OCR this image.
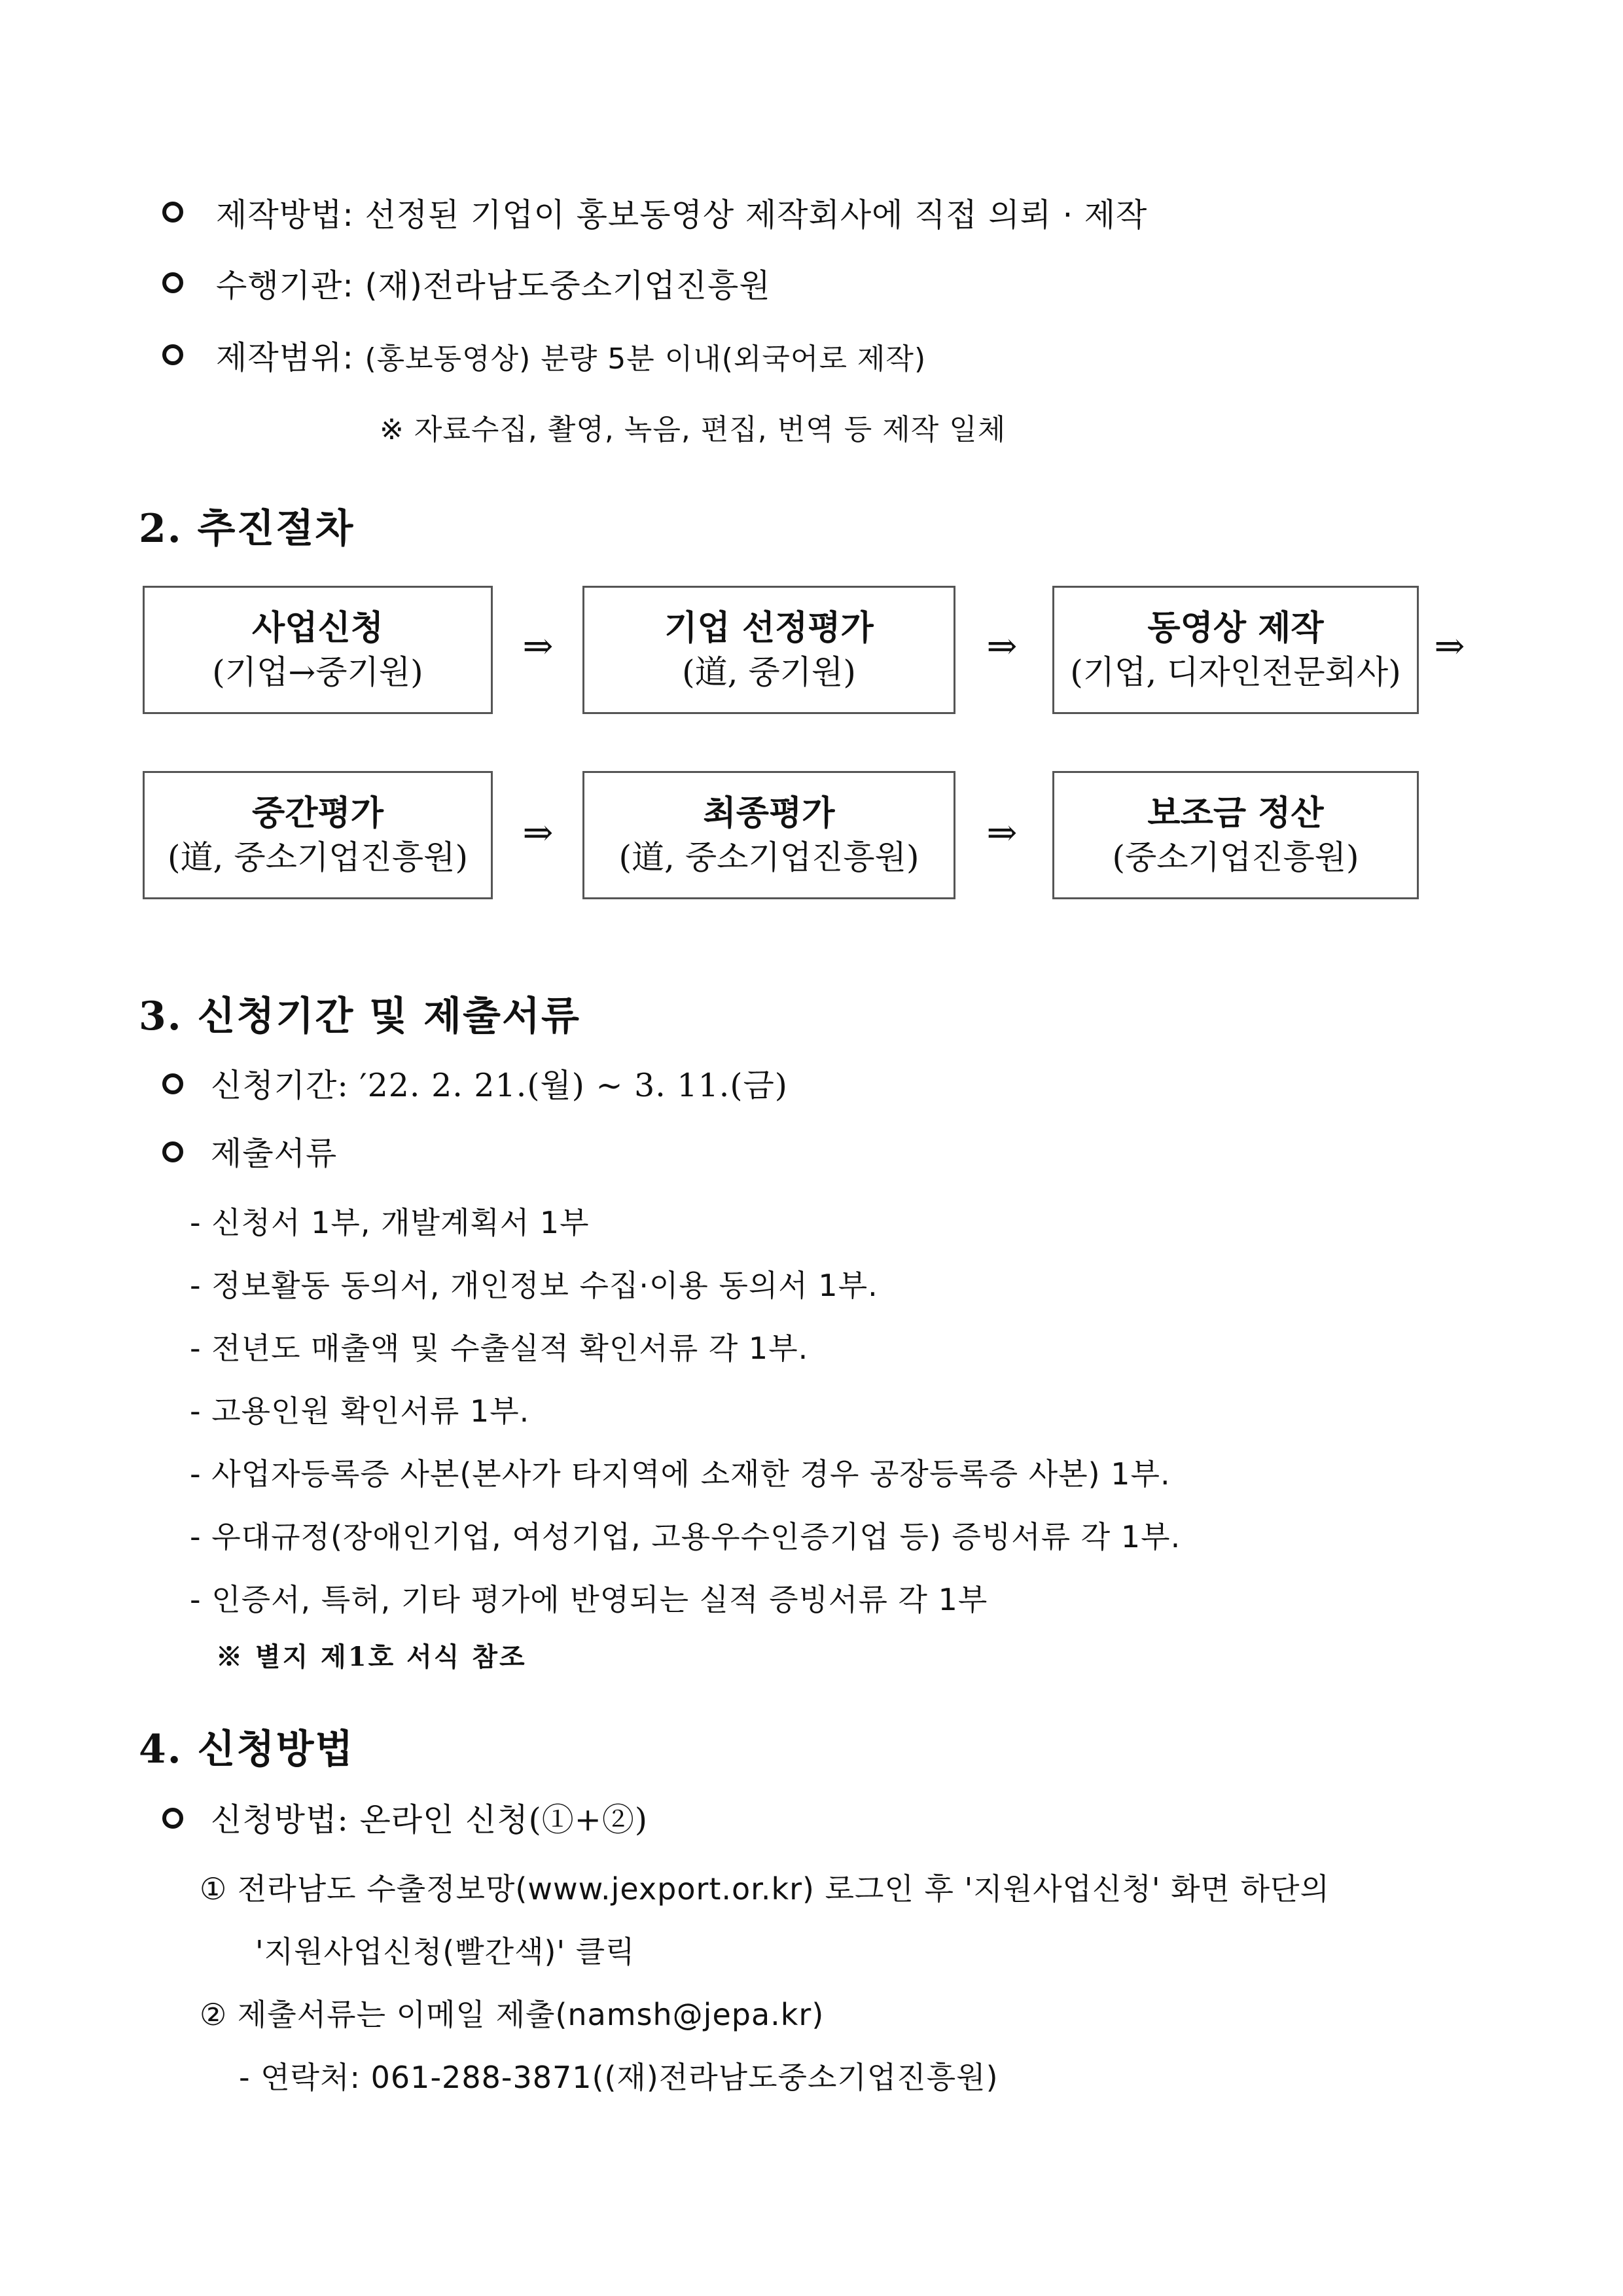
제작방법: 선정된 기업이 홍보동영상 제작회사에 직접 의뢰 · 제작
수행기관: (재)전라남도중소기업진흥원
제작범위: (홍보동영상) 분량 5분 이내(외국어로 제작)
※ 자료수집, 촬영, 녹음, 편집, 번역 등 제작 일체
2. 추진절차
사업신청
(기업→중기원)
⇒	기업 선정평가
(道, 중기원)
⇒	동영상 제작
(기업, 디자인전문회사)
⇒
중간평가
(道, 중소기업진흥원)
⇒	최종평가
(道, 중소기업진흥원)
⇒	보조금 정산
(중소기업진흥원)
3. 신청기간 및 제출서류
신청기간: ′22. 2. 21.(월) ~ 3. 11.(금)
제출서류
- 신청서 1부, 개발계획서 1부
- 정보활동 동의서, 개인정보 수집·이용 동의서 1부.
- 전년도 매출액 및 수출실적 확인서류 각 1부.
- 고용인원 확인서류 1부.
- 사업자등록증 사본(본사가 타지역에 소재한 경우 공장등록증 사본) 1부.
- 우대규정(장애인기업, 여성기업, 고용우수인증기업 등) 증빙서류 각 1부.
- 인증서, 특허, 기타 평가에 반영되는 실적 증빙서류 각 1부
※ 별지 제1호 서식 참조
4. 신청방법
신청방법: 온라인 신청(①+②)
① 전라남도 수출정보망(www.jexport.or.kr) 로그인 후 '지원사업신청' 화면 하단의
'지원사업신청(빨간색)' 클릭
② 제출서류는 이메일 제출(namsh@jepa.kr)
- 연락처: 061-288-3871((재)전라남도중소기업진흥원)
